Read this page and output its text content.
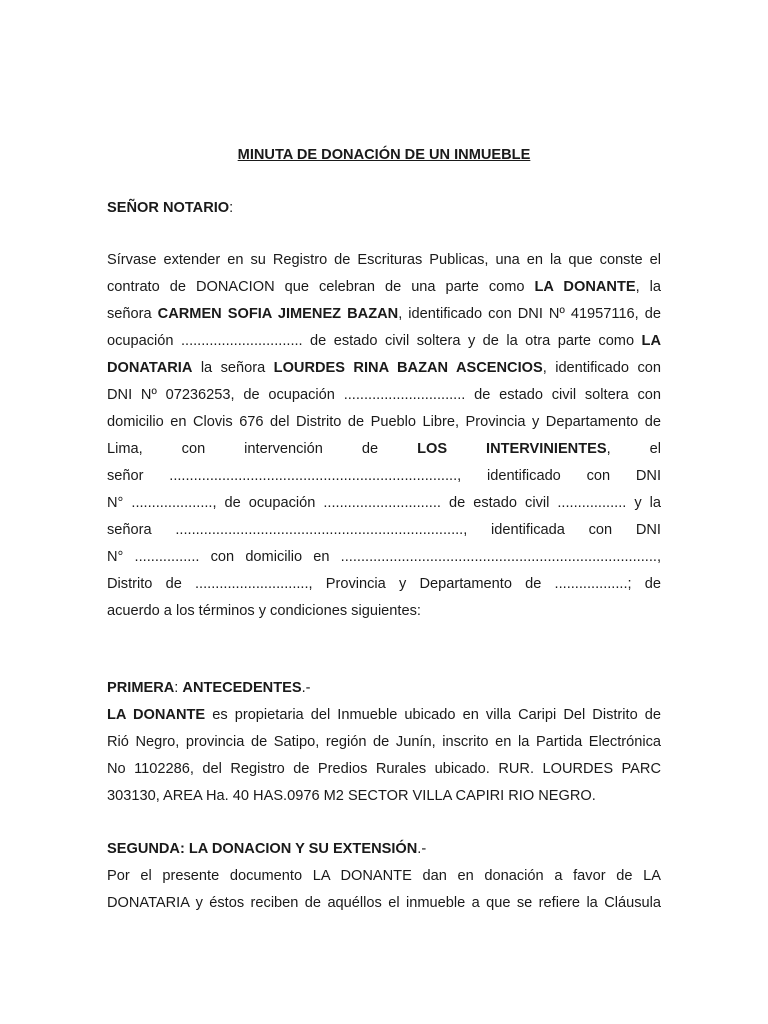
MINUTA DE DONACIÓN DE UN INMUEBLE
SEÑOR NOTARIO:
Sírvase extender en su Registro de Escrituras Publicas, una en la que conste el
contrato de DONACION que celebran de una parte como LA DONANTE, la
señora CARMEN SOFIA JIMENEZ BAZAN, identificado con DNI Nº 41957116, de
ocupación .............................. de estado civil soltera y de la otra parte como LA
DONATARIA la señora LOURDES RINA BAZAN ASCENCIOS, identificado con
DNI Nº 07236253, de ocupación .............................. de estado civil soltera con
domicilio en Clovis 676 del Distrito de Pueblo Libre, Provincia y Departamento de
Lima, con intervención de LOS INTERVINIENTES, el
señor ......................................................................., identificado con DNI
N° ...................., de ocupación ............................. de estado civil ................. y la
señora ......................................................................., identificada con DNI
N° ................ con domicilio en ..............................................................................,
Distrito de ............................, Provincia y Departamento de ..................; de
acuerdo a los términos y condiciones siguientes:
PRIMERA: ANTECEDENTES.-
LA DONANTE es propietaria del Inmueble ubicado en villa Caripi Del Distrito de
Rió Negro, provincia de Satipo, región de Junín, inscrito en la Partida Electrónica
No 1102286, del Registro de Predios Rurales ubicado. RUR. LOURDES PARC
303130, AREA Ha. 40 HAS.0976 M2 SECTOR VILLA CAPIRI RIO NEGRO.
SEGUNDA: LA DONACION Y SU EXTENSIÓN.-
Por el presente documento LA DONANTE dan en donación a favor de LA
DONATARIA y éstos reciben de aquéllos el inmueble a que se refiere la Cláusula
